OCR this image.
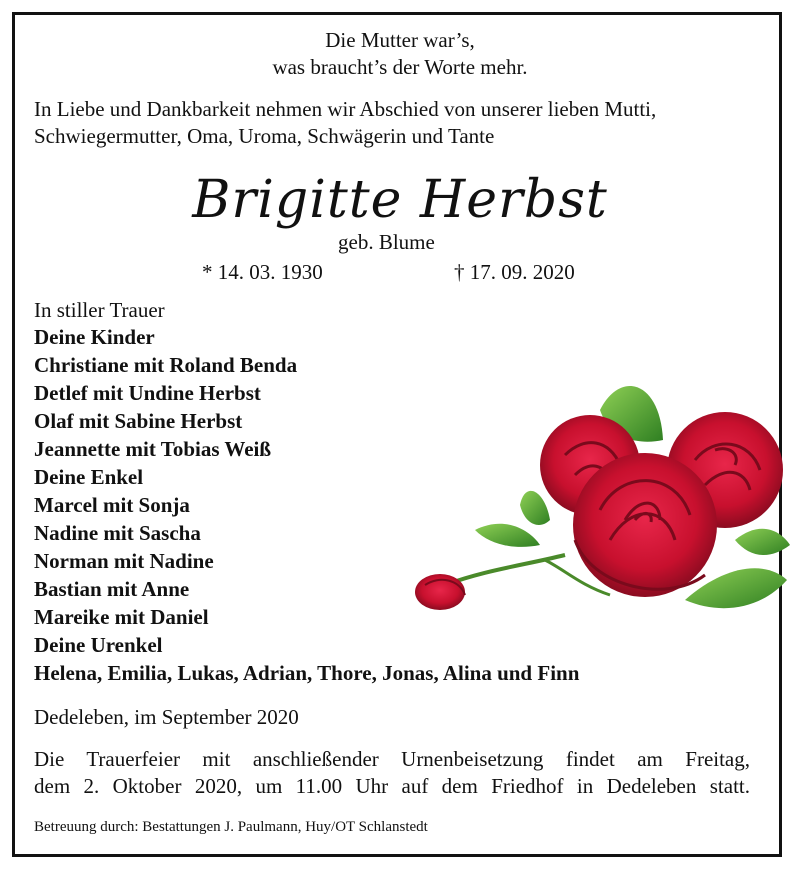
Die Mutter war’s,
was braucht’s der Worte mehr.
In Liebe und Dankbarkeit nehmen wir Abschied von unserer lieben Mutti,
Schwiegermutter, Oma, Uroma, Schwägerin und Tante
Brigitte Herbst
geb. Blume
* 14. 03. 1930	† 17. 09. 2020
In stiller Trauer
Deine Kinder
Christiane mit Roland Benda
Detlef mit Undine Herbst
Olaf mit Sabine Herbst
Jeannette mit Tobias Weiß
Deine Enkel
Marcel mit Sonja
Nadine mit Sascha
Norman mit Nadine
Bastian mit Anne
Mareike mit Daniel
Deine Urenkel
Helena, Emilia, Lukas, Adrian, Thore, Jonas, Alina und Finn
Dedeleben, im September 2020
Die Trauerfeier mit anschließender Urnenbeisetzung findet am Freitag,
dem 2. Oktober 2020, um 11.00 Uhr auf dem Friedhof in Dedeleben statt.
Betreuung durch: Bestattungen J. Paulmann, Huy/OT Schlanstedt
